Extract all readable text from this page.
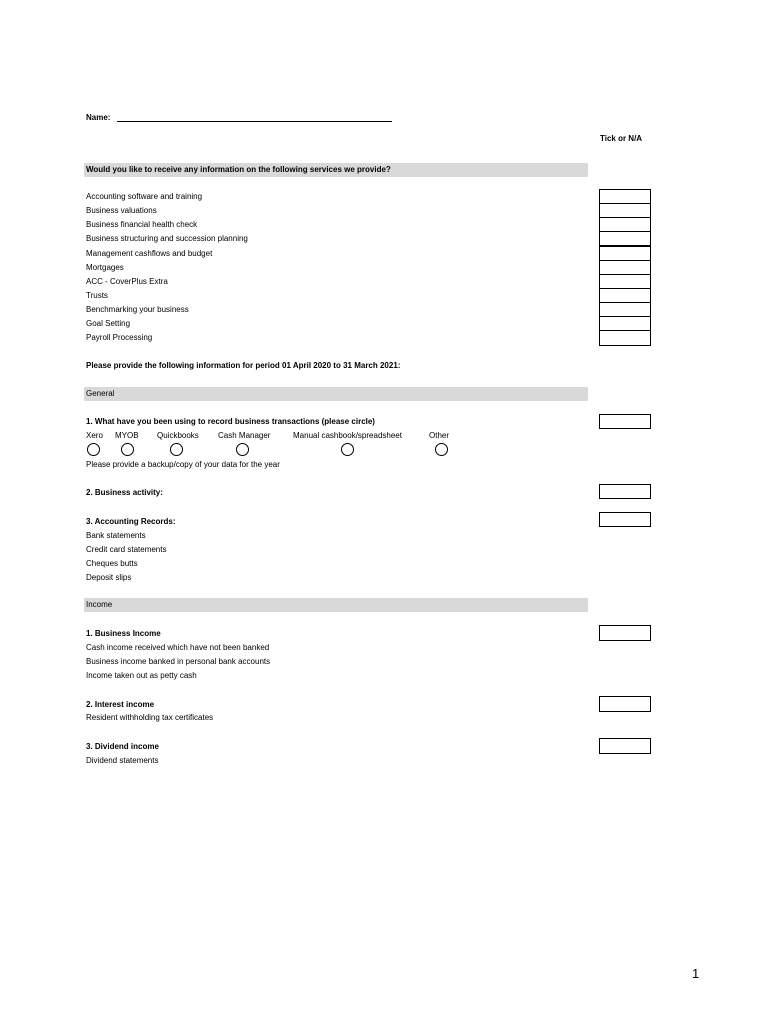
Name:
Tick or N/A
Would you like to receive any information on the following services we provide?
Accounting software and training
Business valuations
Business financial health check
Business structuring and succession planning
Management cashflows and budget
Mortgages
ACC - CoverPlus Extra
Trusts
Benchmarking your business
Goal Setting
Payroll Processing
Please provide the following information for period 01 April 2020 to 31 March 2021:
General
1. What have you been using to record business transactions (please circle)
Xero MYOB Quickbooks Cash Manager	Manual cashbook/spreadsheet	Other
Please provide a backup/copy of your data for the year
2. Business activity:
3. Accounting Records:
Bank statements
Credit card statements
Cheques butts
Deposit slips
Income
1. Business Income
Cash income received which have not been banked
Business income banked in personal bank accounts
Income taken out as petty cash
2. Interest income
Resident withholding tax certificates
3. Dividend income
Dividend statements
1
